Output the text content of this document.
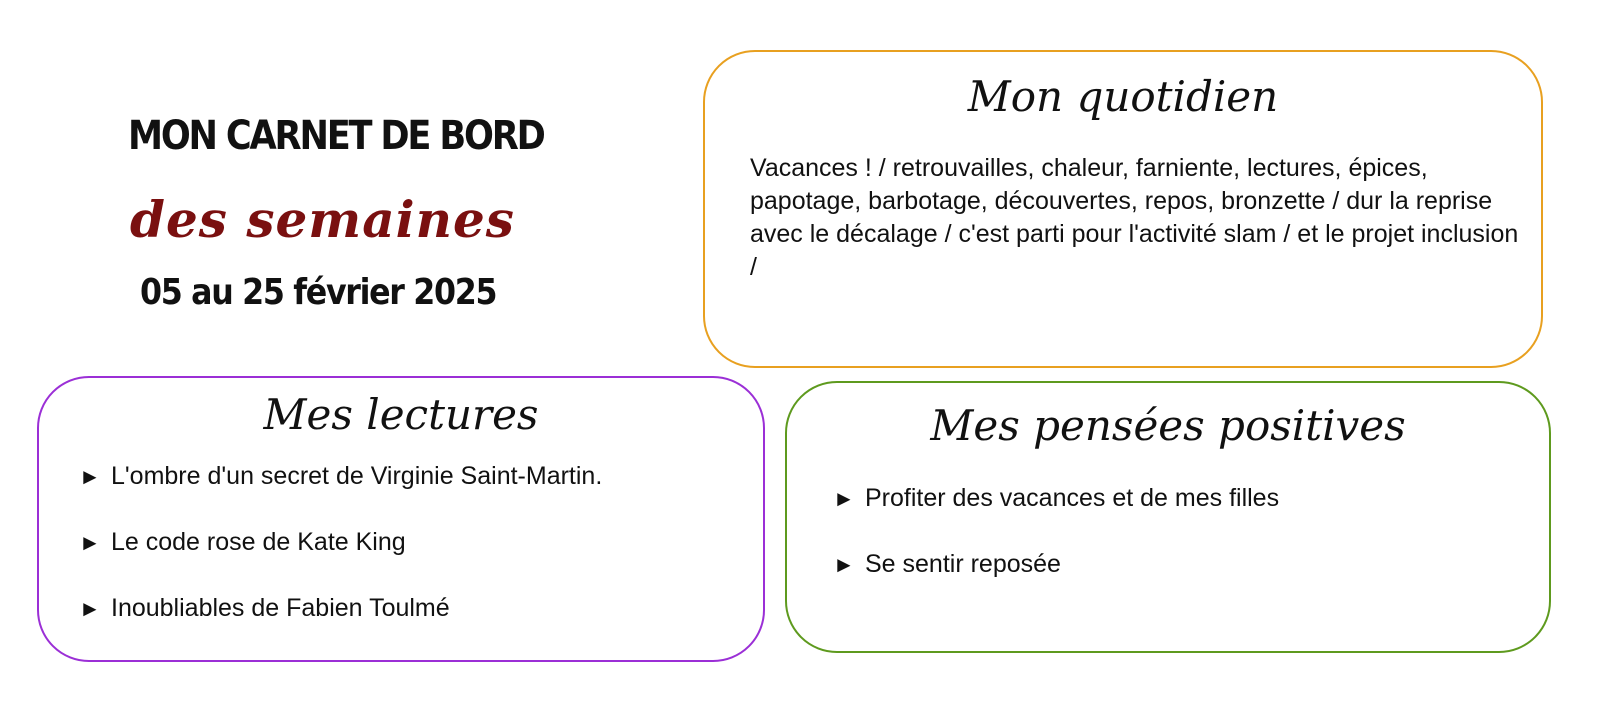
MON CARNET DE BORD
des semaines
05 au 25 février 2025
Mon quotidien
Vacances ! / retrouvailles, chaleur, farniente, lectures, épices, papotage, barbotage, découvertes, repos, bronzette / dur la reprise avec le décalage / c'est parti pour l'activité slam / et le projet inclusion /
Mes lectures
► L'ombre d'un secret de Virginie Saint-Martin.
► Le code rose de Kate King
► Inoubliables de Fabien Toulmé
Mes pensées positives
► Profiter des vacances et de mes filles
► Se sentir reposée
